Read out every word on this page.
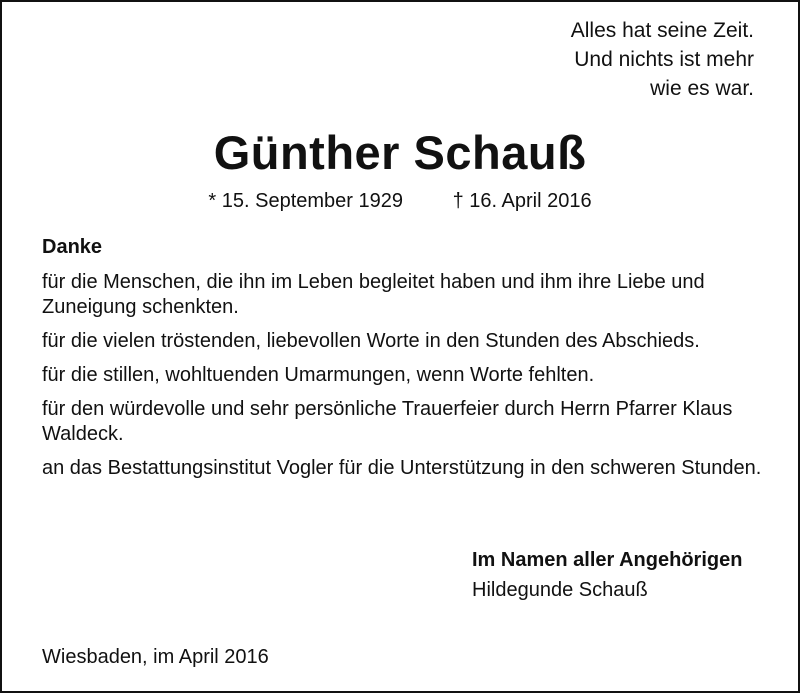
Alles hat seine Zeit.
Und nichts ist mehr
wie es war.
Günther Schauß
* 15. September 1929 † 16. April 2016
Danke

für die Menschen, die ihn im Leben begleitet haben und ihm ihre Liebe und Zuneigung schenkten.

für die vielen tröstenden, liebevollen Worte in den Stunden des Abschieds.

für die stillen, wohltuenden Umarmungen, wenn Worte fehlten.

für den würdevolle und sehr persönliche Trauerfeier durch Herrn Pfarrer Klaus Waldeck.

an das Bestattungsinstitut Vogler für die Unterstützung in den schweren Stunden.

Im Namen aller Angehörigen
Hildegunde Schauß
Wiesbaden, im April 2016
